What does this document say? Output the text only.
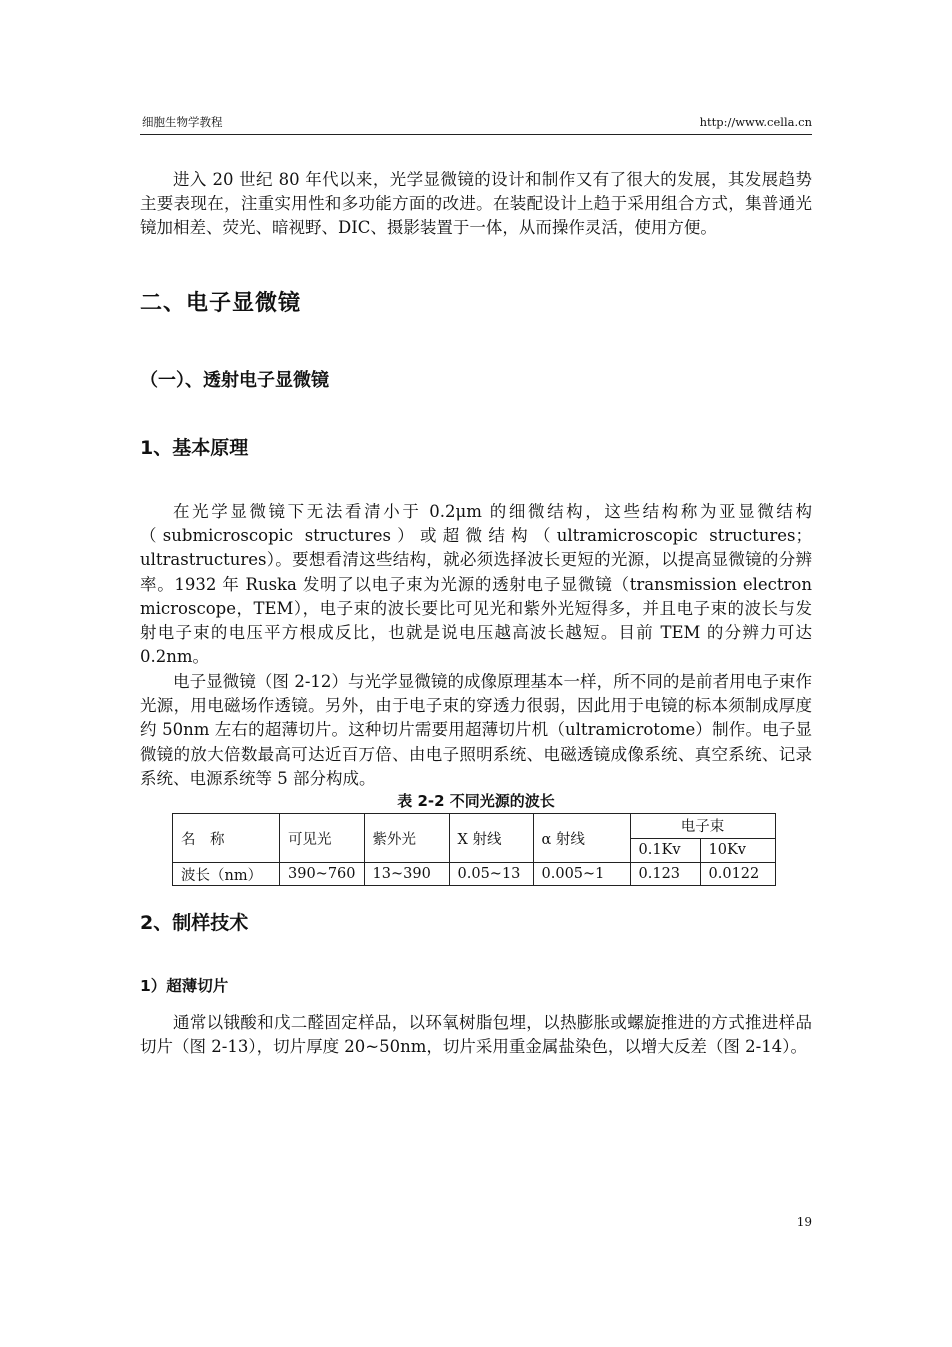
细胞生物学教程	http://www.cella.cn

进入 20 世纪 80 年代以来，光学显微镜的设计和制作又有了很大的发展，其发展趋势主要表现在，注重实用性和多功能方面的改进。在装配设计上趋于采用组合方式，集普通光镜加相差、荧光、暗视野、DIC、摄影装置于一体，从而操作灵活，使用方便。

二、电子显微镜
（一）、透射电子显微镜
1、基本原理

在光学显微镜下无法看清小于 0.2μm 的细微结构，这些结构称为亚显微结构（submicroscopic structures）或超微结构（ultramicroscopic structures；ultrastructures）。要想看清这些结构，就必须选择波长更短的光源，以提高显微镜的分辨率。1932 年 Ruska 发明了以电子束为光源的透射电子显微镜（transmission electron microscope，TEM），电子束的波长要比可见光和紫外光短得多，并且电子束的波长与发射电子束的电压平方根成反比，也就是说电压越高波长越短。目前 TEM 的分辨力可达 0.2nm。

电子显微镜（图 2-12）与光学显微镜的成像原理基本一样，所不同的是前者用电子束作光源，用电磁场作透镜。另外，由于电子束的穿透力很弱，因此用于电镜的标本须制成厚度约 50nm 左右的超薄切片。这种切片需要用超薄切片机（ultramicrotome）制作。电子显微镜的放大倍数最高可达近百万倍、由电子照明系统、电磁透镜成像系统、真空系统、记录系统、电源系统等 5 部分构成。

表 2-2 不同光源的波长
名　称	可见光	紫外光	X 射线	α 射线	电子束	
					0.1Kv	10Kv
波长（nm）	390~760	13~390	0.05~13	0.005~1	0.123	0.0122
2、制样技术
1）超薄切片

通常以锇酸和戊二醛固定样品，以环氧树脂包埋，以热膨胀或螺旋推进的方式推进样品切片（图 2-13），切片厚度 20~50nm，切片采用重金属盐染色，以增大反差（图 2-14）。

19
